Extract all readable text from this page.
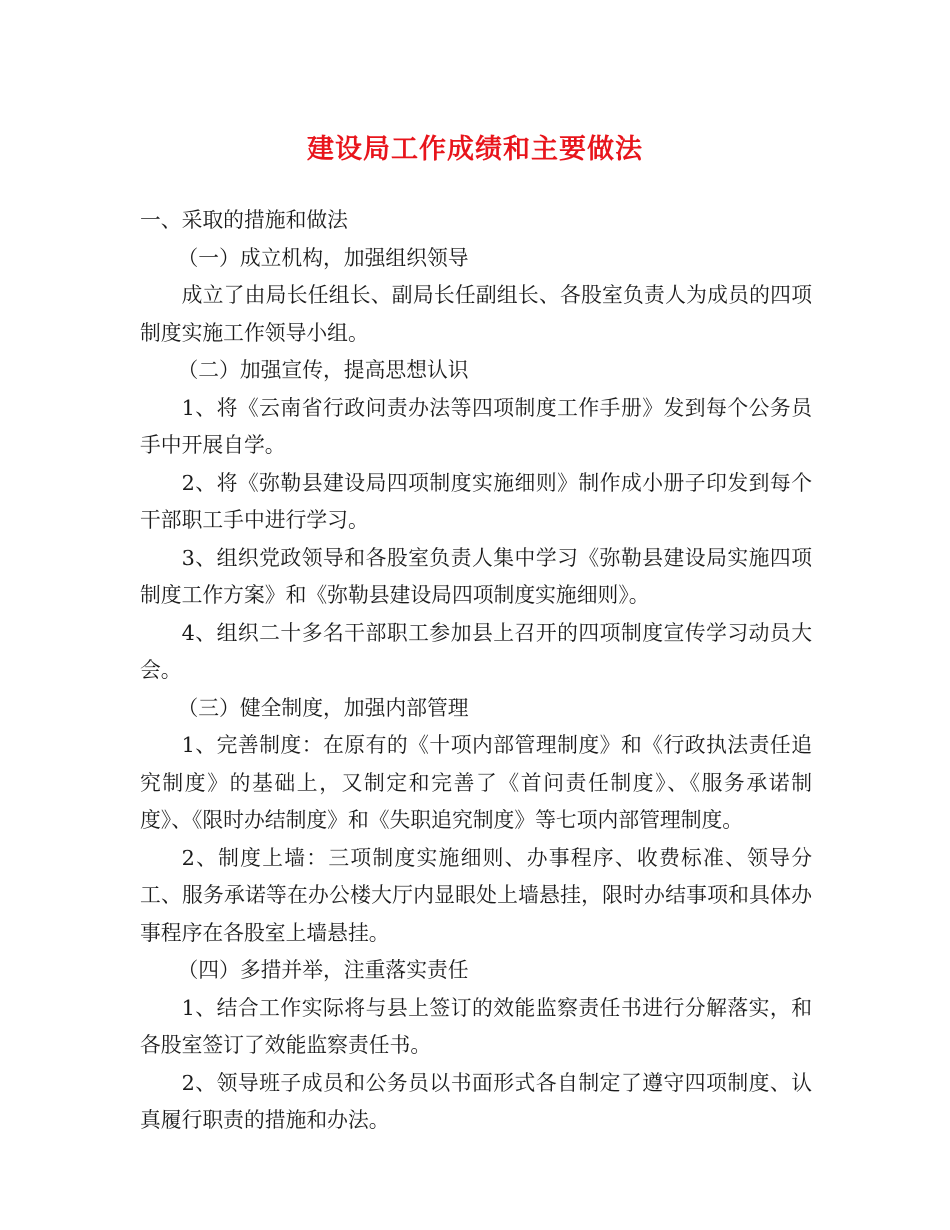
建设局工作成绩和主要做法

一、采取的措施和做法

（一）成立机构，加强组织领导

成立了由局长任组长、副局长任副组长、各股室负责人为成员的四项制度实施工作领导小组。

（二）加强宣传，提高思想认识

1、将《云南省行政问责办法等四项制度工作手册》发到每个公务员手中开展自学。

2、将《弥勒县建设局四项制度实施细则》制作成小册子印发到每个干部职工手中进行学习。

3、组织党政领导和各股室负责人集中学习《弥勒县建设局实施四项制度工作方案》和《弥勒县建设局四项制度实施细则》。

4、组织二十多名干部职工参加县上召开的四项制度宣传学习动员大会。

（三）健全制度，加强内部管理

1、完善制度：在原有的《十项内部管理制度》和《行政执法责任追究制度》的基础上，又制定和完善了《首问责任制度》、《服务承诺制度》、《限时办结制度》和《失职追究制度》等七项内部管理制度。

2、制度上墙：三项制度实施细则、办事程序、收费标准、领导分工、服务承诺等在办公楼大厅内显眼处上墙悬挂，限时办结事项和具体办事程序在各股室上墙悬挂。

（四）多措并举，注重落实责任

1、结合工作实际将与县上签订的效能监察责任书进行分解落实，和各股室签订了效能监察责任书。

2、领导班子成员和公务员以书面形式各自制定了遵守四项制度、认真履行职责的措施和办法。
